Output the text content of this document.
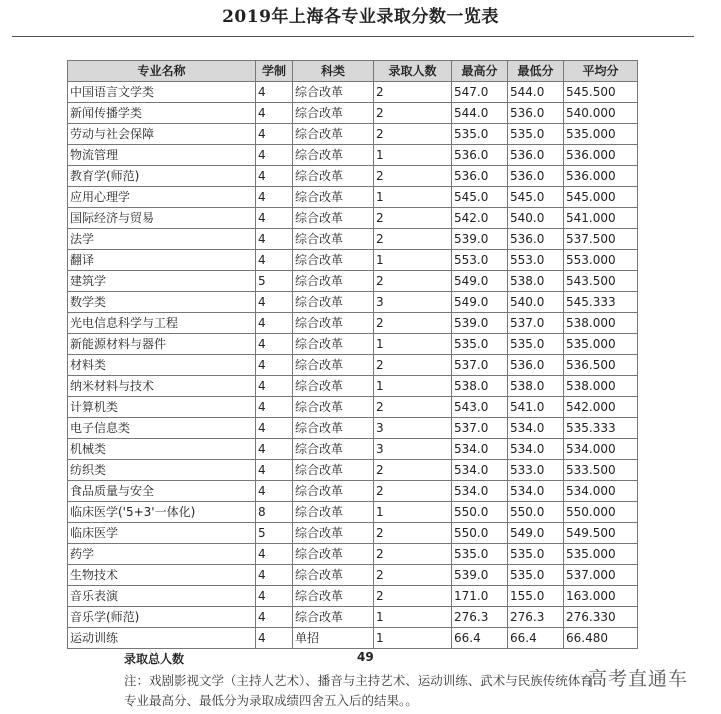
2019年上海各专业录取分数一览表
专业名称	学制	科类	录取人数	最高分	最低分	平均分
中国语言文学类	4	综合改革	2	547.0	544.0	545.500
新闻传播学类	4	综合改革	2	544.0	536.0	540.000
劳动与社会保障	4	综合改革	2	535.0	535.0	535.000
物流管理	4	综合改革	1	536.0	536.0	536.000
教育学(师范)	4	综合改革	2	536.0	536.0	536.000
应用心理学	4	综合改革	1	545.0	545.0	545.000
国际经济与贸易	4	综合改革	2	542.0	540.0	541.000
法学	4	综合改革	2	539.0	536.0	537.500
翻译	4	综合改革	1	553.0	553.0	553.000
建筑学	5	综合改革	2	549.0	538.0	543.500
数学类	4	综合改革	3	549.0	540.0	545.333
光电信息科学与工程	4	综合改革	2	539.0	537.0	538.000
新能源材料与器件	4	综合改革	1	535.0	535.0	535.000
材料类	4	综合改革	2	537.0	536.0	536.500
纳米材料与技术	4	综合改革	1	538.0	538.0	538.000
计算机类	4	综合改革	2	543.0	541.0	542.000
电子信息类	4	综合改革	3	537.0	534.0	535.333
机械类	4	综合改革	3	534.0	534.0	534.000
纺织类	4	综合改革	2	534.0	533.0	533.500
食品质量与安全	4	综合改革	2	534.0	534.0	534.000
临床医学('5+3'一体化)	8	综合改革	1	550.0	550.0	550.000
临床医学	5	综合改革	2	550.0	549.0	549.500
药学	4	综合改革	2	535.0	535.0	535.000
生物技术	4	综合改革	2	539.0	535.0	537.000
音乐表演	4	综合改革	2	171.0	155.0	163.000
音乐学(师范)	4	综合改革	1	276.3	276.3	276.330
运动训练	4	单招	1	66.4	66.4	66.480
录取总人数	49
注：戏剧影视文学（主持人艺术）、播音与主持艺术、运动训练、武术与民族传统体育专业最高分、最低分为录取成绩四舍五入后的结果。。
高考直通车
